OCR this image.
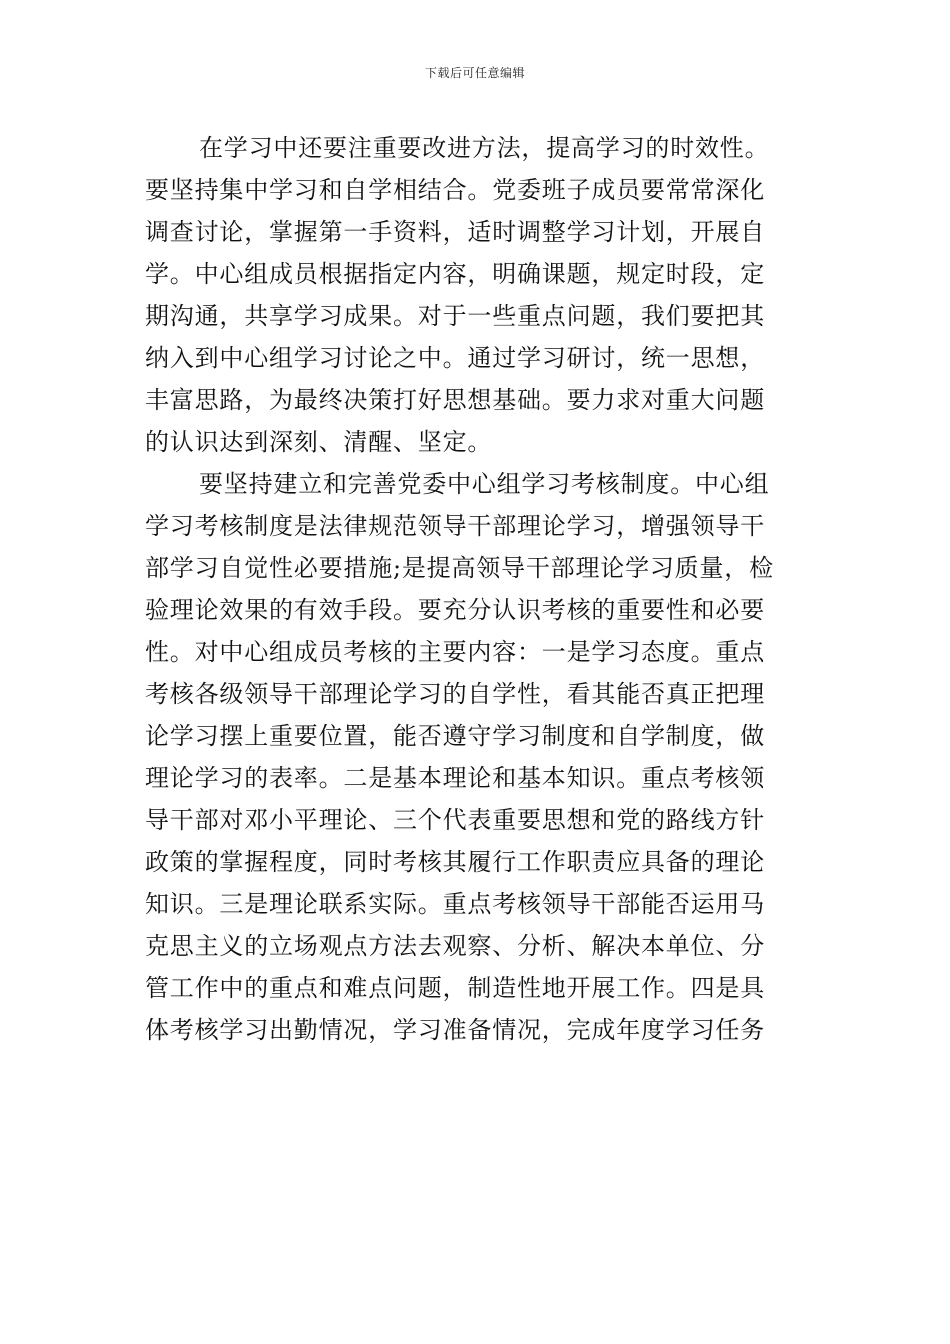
下载后可任意编辑
在学习中还要注重要改进方法，提高学习的时效性。
要坚持集中学习和自学相结合。党委班子成员要常常深化
调查讨论，掌握第一手资料，适时调整学习计划，开展自
学。中心组成员根据指定内容，明确课题，规定时段，定
期沟通，共享学习成果。对于一些重点问题，我们要把其
纳入到中心组学习讨论之中。通过学习研讨，统一思想，
丰富思路，为最终决策打好思想基础。要力求对重大问题
的认识达到深刻、清醒、坚定。
要坚持建立和完善党委中心组学习考核制度。中心组
学习考核制度是法律规范领导干部理论学习，增强领导干
部学习自觉性必要措施;是提高领导干部理论学习质量，检
验理论效果的有效手段。要充分认识考核的重要性和必要
性。对中心组成员考核的主要内容：一是学习态度。重点
考核各级领导干部理论学习的自学性，看其能否真正把理
论学习摆上重要位置，能否遵守学习制度和自学制度，做
理论学习的表率。二是基本理论和基本知识。重点考核领
导干部对邓小平理论、三个代表重要思想和党的路线方针
政策的掌握程度，同时考核其履行工作职责应具备的理论
知识。三是理论联系实际。重点考核领导干部能否运用马
克思主义的立场观点方法去观察、分析、解决本单位、分
管工作中的重点和难点问题，制造性地开展工作。四是具
体考核学习出勤情况，学习准备情况，完成年度学习任务
